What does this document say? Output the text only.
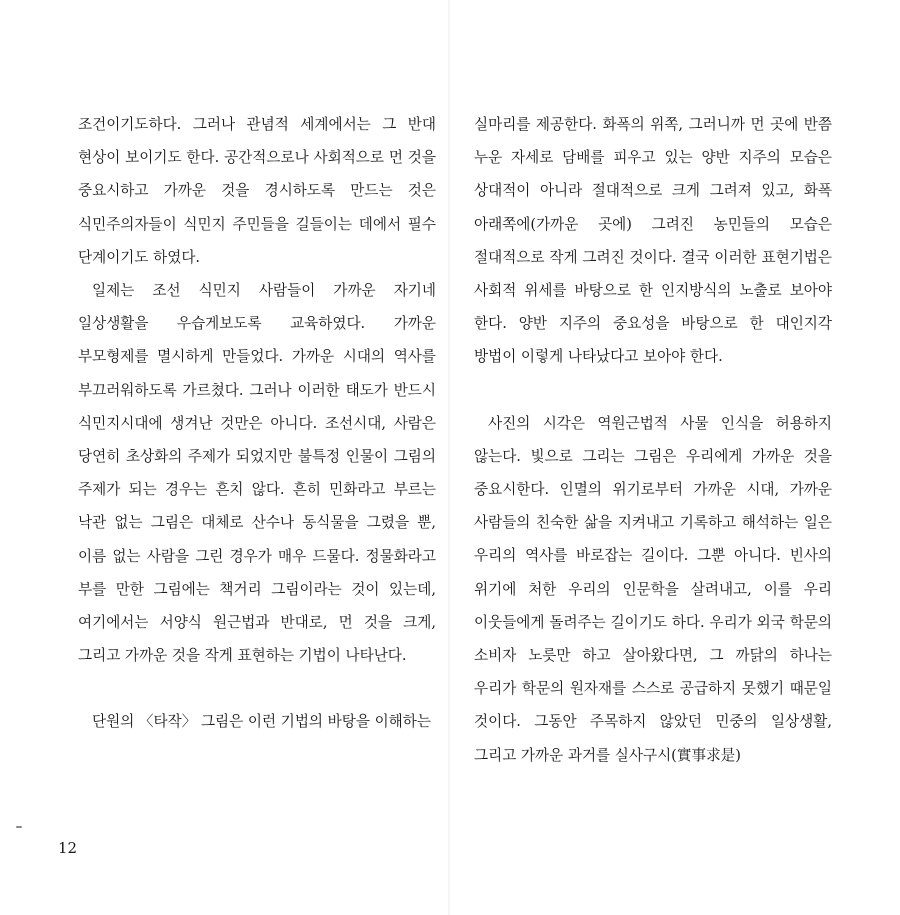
조건이기도하다. 그러나 관념적 세계에서는 그 반대 현상이 보이기도 한다. 공간적으로나 사회적으로 먼 것을 중요시하고 가까운 것을 경시하도록 만드는 것은 식민주의자들이 식민지 주민들을 길들이는 데에서 필수 단계이기도 하였다.

일제는 조선 식민지 사람들이 가까운 자기네 일상생활을 우습게보도록 교육하였다. 가까운 부모형제를 멸시하게 만들었다. 가까운 시대의 역사를 부끄러워하도록 가르쳤다. 그러나 이러한 태도가 반드시 식민지시대에 생겨난 것만은 아니다. 조선시대, 사람은 당연히 초상화의 주제가 되었지만 불특정 인물이 그림의 주제가 되는 경우는 흔치 않다. 흔히 민화라고 부르는 낙관 없는 그림은 대체로 산수나 동식물을 그렸을 뿐, 이름 없는 사람을 그린 경우가 매우 드물다. 정물화라고 부를 만한 그림에는 책거리 그림이라는 것이 있는데, 여기에서는 서양식 원근법과 반대로, 먼 것을 크게, 그리고 가까운 것을 작게 표현하는 기법이 나타난다.

단원의 〈타작〉 그림은 이런 기법의 바탕을 이해하는

실마리를 제공한다. 화폭의 위쪽, 그러니까 먼 곳에 반쯤 누운 자세로 담배를 피우고 있는 양반 지주의 모습은 상대적이 아니라 절대적으로 크게 그려져 있고, 화폭 아래쪽에(가까운 곳에) 그려진 농민들의 모습은 절대적으로 작게 그려진 것이다. 결국 이러한 표현기법은 사회적 위세를 바탕으로 한 인지방식의 노출로 보아야 한다. 양반 지주의 중요성을 바탕으로 한 대인지각 방법이 이렇게 나타났다고 보아야 한다.

사진의 시각은 역원근법적 사물 인식을 허용하지 않는다. 빛으로 그리는 그림은 우리에게 가까운 것을 중요시한다. 인멸의 위기로부터 가까운 시대, 가까운 사람들의 친숙한 삶을 지켜내고 기록하고 해석하는 일은 우리의 역사를 바로잡는 길이다. 그뿐 아니다. 빈사의 위기에 처한 우리의 인문학을 살려내고, 이를 우리 이웃들에게 돌려주는 길이기도 하다. 우리가 외국 학문의 소비자 노릇만 하고 살아왔다면, 그 까닭의 하나는 우리가 학문의 원자재를 스스로 공급하지 못했기 때문일 것이다. 그동안 주목하지 않았던 민중의 일상생활, 그리고 가까운 과거를 실사구시(實事求是)

12
